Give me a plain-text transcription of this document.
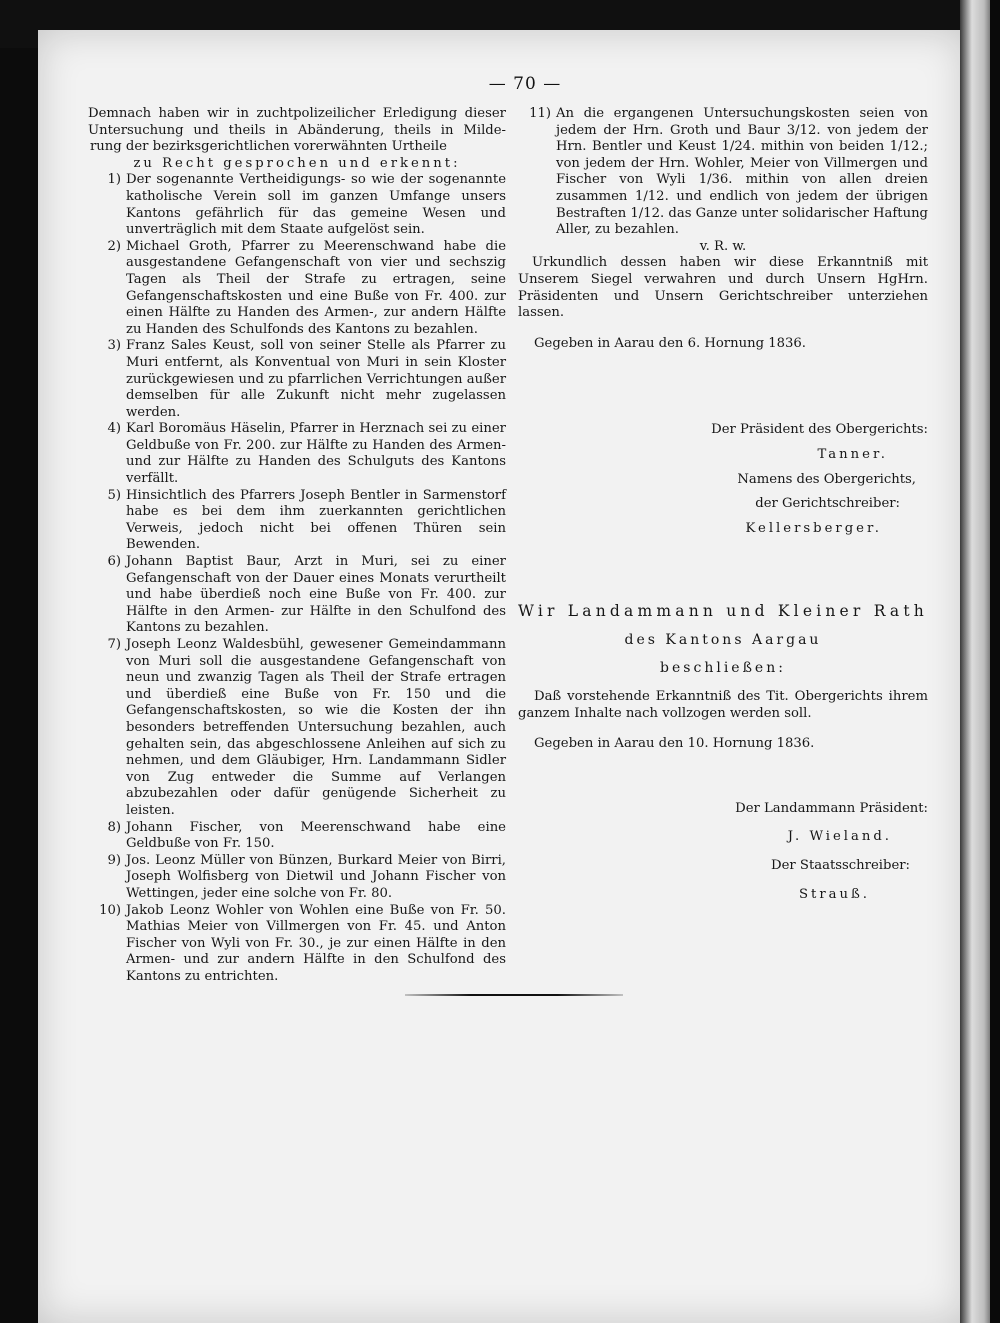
— 70 —

Demnach haben wir in zuchtpolizeilicher Erledigung dieser

Untersuchung und theils in Abänderung, theils in Milde-

rung der bezirksgerichtlichen vorerwähnten Urtheile

zu Recht gesprochen und erkennt:

1) Der sogenannte Vertheidigungs- so wie der sogenannte katholische Verein soll im ganzen Umfange unsers Kantons gefährlich für das gemeine Wesen und unverträglich mit dem Staate aufgelöst sein.
2) Michael Groth, Pfarrer zu Meerenschwand habe die ausgestandene Gefangenschaft von vier und sechszig Tagen als Theil der Strafe zu ertragen, seine Gefangenschaftskosten und eine Buße von Fr. 400. zur einen Hälfte zu Handen des Armen-, zur andern Hälfte zu Handen des Schulfonds des Kantons zu bezahlen.
3) Franz Sales Keust, soll von seiner Stelle als Pfarrer zu Muri entfernt, als Konventual von Muri in sein Kloster zurückgewiesen und zu pfarrlichen Verrichtungen außer demselben für alle Zukunft nicht mehr zugelassen werden.
4) Karl Boromäus Häselin, Pfarrer in Herznach sei zu einer Geldbuße von Fr. 200. zur Hälfte zu Handen des Armen- und zur Hälfte zu Handen des Schulguts des Kantons verfällt.
5) Hinsichtlich des Pfarrers Joseph Bentler in Sarmenstorf habe es bei dem ihm zuerkannten gerichtlichen Verweis, jedoch nicht bei offenen Thüren sein Bewenden.
6) Johann Baptist Baur, Arzt in Muri, sei zu einer Gefangenschaft von der Dauer eines Monats verurtheilt und habe überdieß noch eine Buße von Fr. 400. zur Hälfte in den Armen- zur Hälfte in den Schulfond des Kantons zu bezahlen.
7) Joseph Leonz Waldesbühl, gewesener Gemeindammann von Muri soll die ausgestandene Gefangenschaft von neun und zwanzig Tagen als Theil der Strafe ertragen und überdieß eine Buße von Fr. 150 und die Gefangenschaftskosten, so wie die Kosten der ihn besonders betreffenden Untersuchung bezahlen, auch gehalten sein, das abgeschlossene Anleihen auf sich zu nehmen, und dem Gläubiger, Hrn. Landammann Sidler von Zug entweder die Summe auf Verlangen abzubezahlen oder dafür genügende Sicherheit zu leisten.
8) Johann Fischer, von Meerenschwand habe eine Geldbuße von Fr. 150.
9) Jos. Leonz Müller von Bünzen, Burkard Meier von Birri, Joseph Wolfisberg von Dietwil und Johann Fischer von Wettingen, jeder eine solche von Fr. 80.
10) Jakob Leonz Wohler von Wohlen eine Buße von Fr. 50. Mathias Meier von Villmergen von Fr. 45. und Anton Fischer von Wyli von Fr. 30., je zur einen Hälfte in den Armen- und zur andern Hälfte in den Schulfond des Kantons zu entrichten.
11) An die ergangenen Untersuchungskosten seien von jedem der Hrn. Groth und Baur 3/12. von jedem der Hrn. Bentler und Keust 1/24. mithin von beiden 1/12.; von jedem der Hrn. Wohler, Meier von Villmergen und Fischer von Wyli 1/36. mithin von allen dreien zusammen 1/12. und endlich von jedem der übrigen Bestraften 1/12. das Ganze unter solidarischer Haftung Aller, zu bezahlen.

v. R. w.

Urkundlich dessen haben wir diese Erkanntniß mit Unserem Siegel verwahren und durch Unsern HgHrn. Präsidenten und Unsern Gerichtschreiber unterziehen lassen.

Gegeben in Aarau den 6. Hornung 1836.

Der Präsident des Obergerichts:

Tanner.

Namens des Obergerichts,

der Gerichtschreiber:

Kellersberger.

Wir Landammann und Kleiner Rath

des Kantons Aargau

beschließen:

Daß vorstehende Erkanntniß des Tit. Obergerichts ihrem ganzem Inhalte nach vollzogen werden soll.

Gegeben in Aarau den 10. Hornung 1836.

Der Landammann Präsident:

J. Wieland.

Der Staatsschreiber:

Strauß.
